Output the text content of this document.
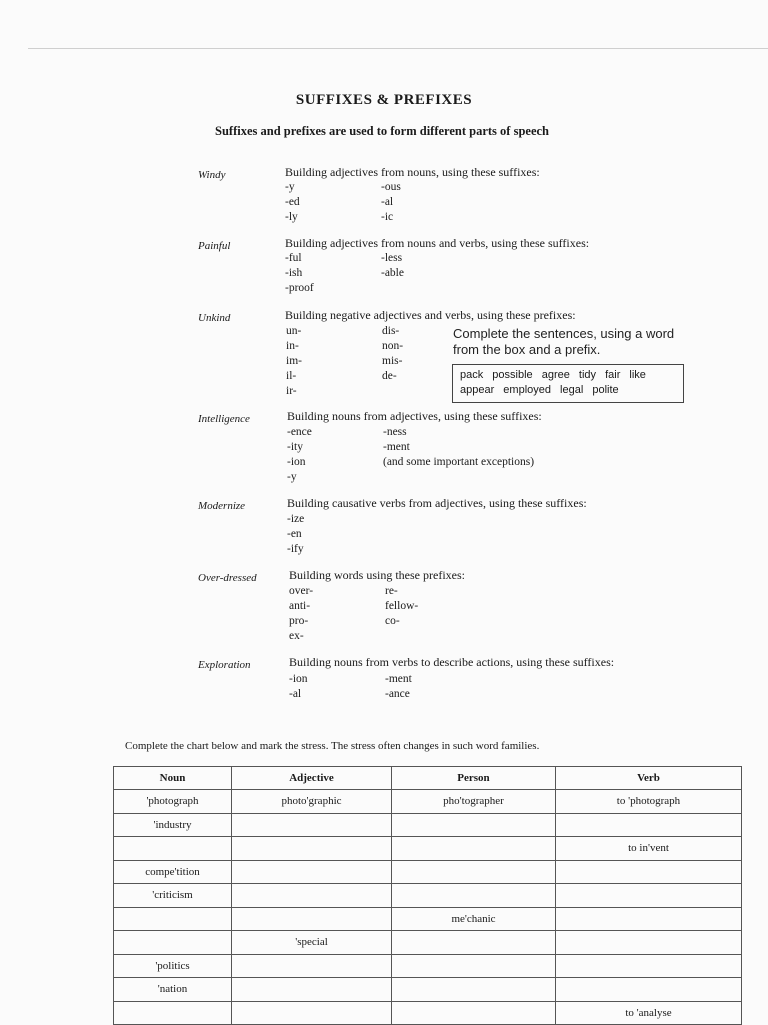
SUFFIXES & PREFIXES
Suffixes and prefixes are used to form different parts of speech
Windy	Building adjectives from nouns, using these suffixes:
-y
-ed
-ly
-ous
-al
-ic
Painful	Building adjectives from nouns and verbs, using these suffixes:
-ful
-ish
-proof
-less
-able
Unkind	Building negative adjectives and verbs, using these prefixes:
un-
in-
im-
il-
ir-
dis-
non-
mis-
de-
Complete the sentences, using a word
from the box and a prefix.
pack possible agree tidy fair like
appear employed legal polite
Intelligence	Building nouns from adjectives, using these suffixes:
-ence
-ity
-ion
-y
-ness
-ment
(and some important exceptions)
Modernize	Building causative verbs from adjectives, using these suffixes:
-ize
-en
-ify
Over-dressed	Building words using these prefixes:
over-
anti-
pro-
ex-
re-
fellow-
co-
Exploration	Building nouns from verbs to describe actions, using these suffixes:
-ion
-al
-ment
-ance
Complete the chart below and mark the stress. The stress often changes in such word families.
Noun	Adjective	Person	Verb
'photograph	photo'graphic	pho'tographer	to 'photograph
'industry			
			to in'vent
compe'tition			
'criticism			
		me'chanic	
	'special		
'politics			
'nation			
			to 'analyse
